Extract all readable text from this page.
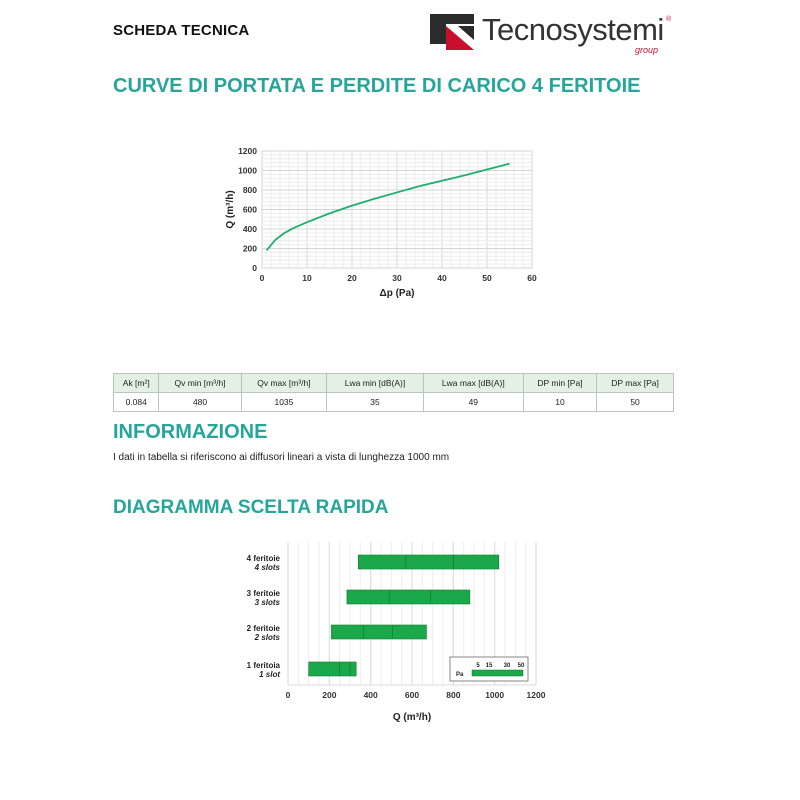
SCHEDA TECNICA	Tecnosystemi ®
group
CURVE DI PORTATA E PERDITE DI CARICO 4 FERITOIE
0	10	20	30	40	50	60
0
200
400
600
800
1000
1200
Δp (Pa)
Q (m³/h)
Ak [m²]	Qv min [m³/h]	Qv max [m³/h]	Lwa min [dB(A)]	Lwa max [dB(A)]	DP min [Pa]	DP max [Pa]
0.084	480	1035	35	49	10	50
INFORMAZIONE
I dati in tabella si riferiscono ai diffusori lineari a vista di lunghezza 1000 mm
DIAGRAMMA SCELTA RAPIDA
4 feritoie
4 slots
3 feritoie
3 slots
2 feritoie
2 slots
1 feritoia
1 slot
0	200	400	600	800	1000	1200
Q (m³/h)
5 15 30 50
Pa
